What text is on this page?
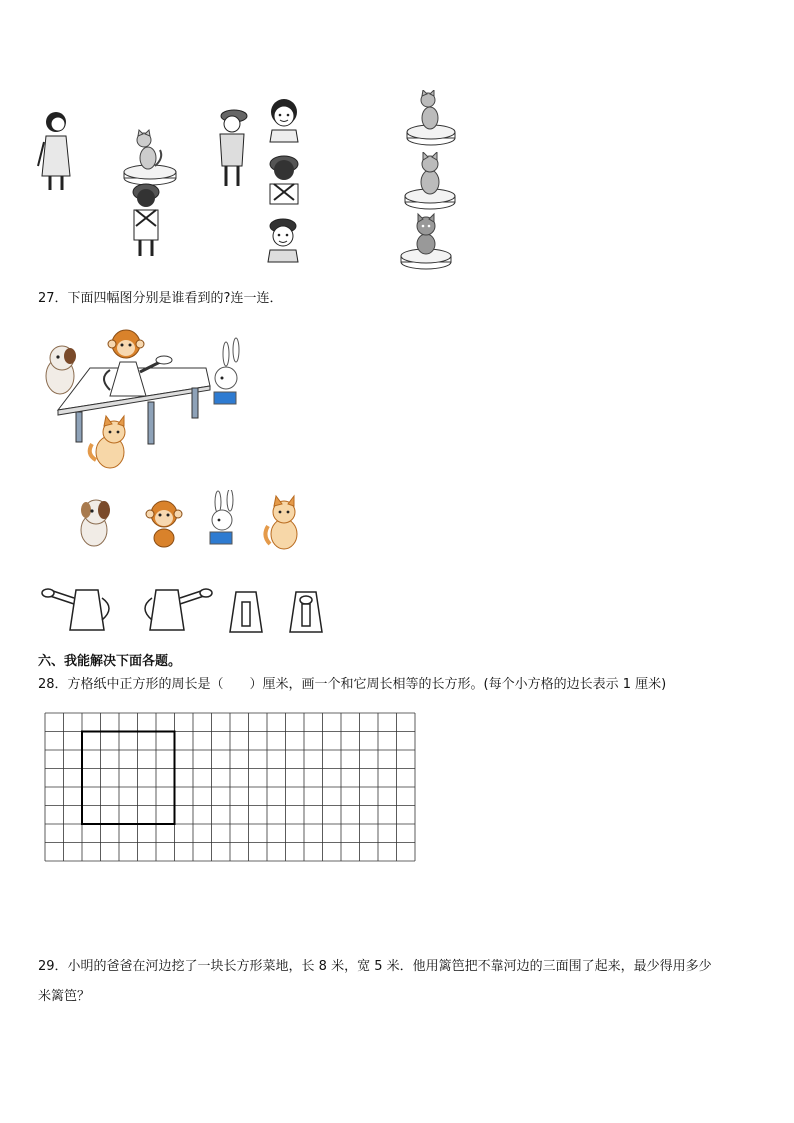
27．下面四幅图分别是谁看到的?连一连．
六、我能解决下面各题。
28．方格纸中正方形的周长是（　　）厘米，画一个和它周长相等的长方形。(每个小方格的边长表示 1 厘米)
29．小明的爸爸在河边挖了一块长方形菜地，长 8 米，宽 5 米．他用篱笆把不靠河边的三面围了起来，最少得用多少
米篱笆？
